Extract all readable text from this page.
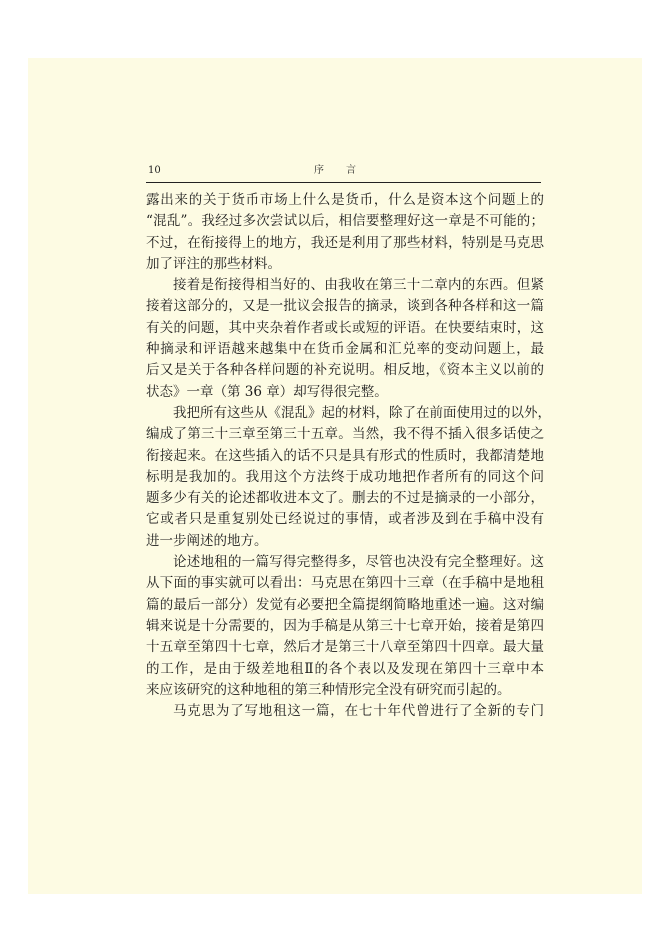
10	序言
露出来的关于货币市场上什么是货币，什么是资本这个问题上的
“混乱”。我经过多次尝试以后，相信要整理好这一章是不可能的；
不过，在衔接得上的地方，我还是利用了那些材料，特别是马克思
加了评注的那些材料。
接着是衔接得相当好的、由我收在第三十二章内的东西。但紧
接着这部分的，又是一批议会报告的摘录，谈到各种各样和这一篇
有关的问题，其中夹杂着作者或长或短的评语。在快要结束时，这
种摘录和评语越来越集中在货币金属和汇兑率的变动问题上，最
后又是关于各种各样问题的补充说明。相反地，《资本主义以前的
状态》一章（第 36 章）却写得很完整。
我把所有这些从《混乱》起的材料，除了在前面使用过的以外，
编成了第三十三章至第三十五章。当然，我不得不插入很多话使之
衔接起来。在这些插入的话不只是具有形式的性质时，我都清楚地
标明是我加的。我用这个方法终于成功地把作者所有的同这个问
题多少有关的论述都收进本文了。删去的不过是摘录的一小部分，
它或者只是重复别处已经说过的事情，或者涉及到在手稿中没有
进一步阐述的地方。
论述地租的一篇写得完整得多，尽管也决没有完全整理好。这
从下面的事实就可以看出：马克思在第四十三章（在手稿中是地租
篇的最后一部分）发觉有必要把全篇提纲简略地重述一遍。这对编
辑来说是十分需要的，因为手稿是从第三十七章开始，接着是第四
十五章至第四十七章，然后才是第三十八章至第四十四章。最大量
的工作，是由于级差地租Ⅱ的各个表以及发现在第四十三章中本
来应该研究的这种地租的第三种情形完全没有研究而引起的。
马克思为了写地租这一篇，在七十年代曾进行了全新的专门
